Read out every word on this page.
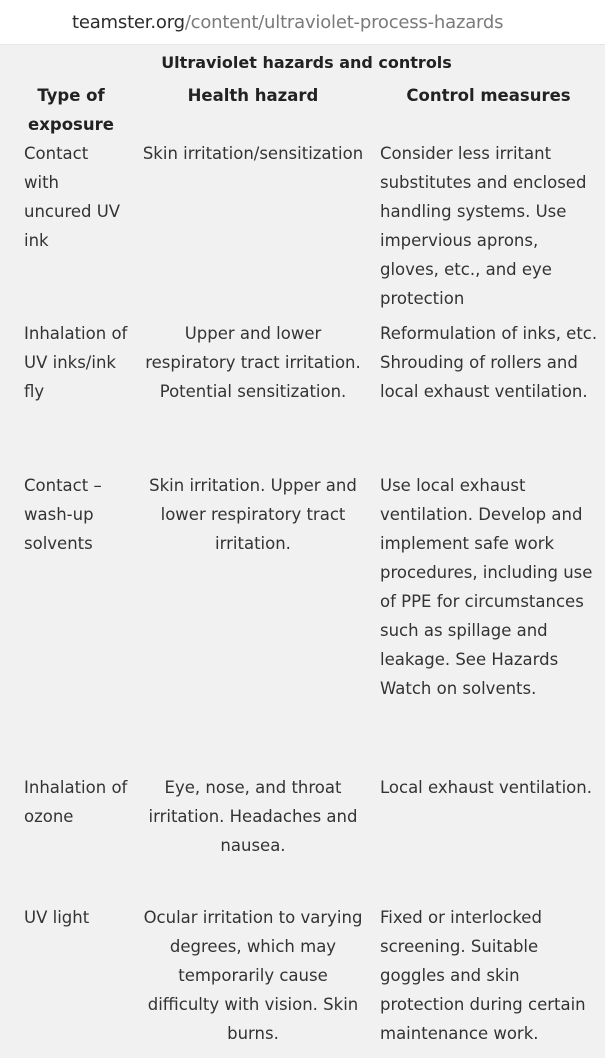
teamster.org/content/ultraviolet-process-hazards
Ultraviolet hazards and controls
Type of exposure	Health hazard	Control measures
Contact with uncured UV ink	Skin irritation/sensitization	Consider less irritant substitutes and enclosed handling systems. Use impervious aprons, gloves, etc., and eye protection
Inhalation of UV inks/ink fly	Upper and lower respiratory tract irritation. Potential sensitization.	Reformulation of inks, etc. Shrouding of rollers and local exhaust ventilation.
Contact – wash-up solvents	Skin irritation. Upper and lower respiratory tract irritation.	Use local exhaust ventilation. Develop and implement safe work procedures, including use of PPE for circumstances such as spillage and leakage. See Hazards Watch on solvents.
Inhalation of ozone	Eye, nose, and throat irritation. Headaches and nausea.	Local exhaust ventilation.
UV light	Ocular irritation to varying degrees, which may temporarily cause difficulty with vision. Skin burns.	Fixed or interlocked screening. Suitable goggles and skin protection during certain maintenance work.
